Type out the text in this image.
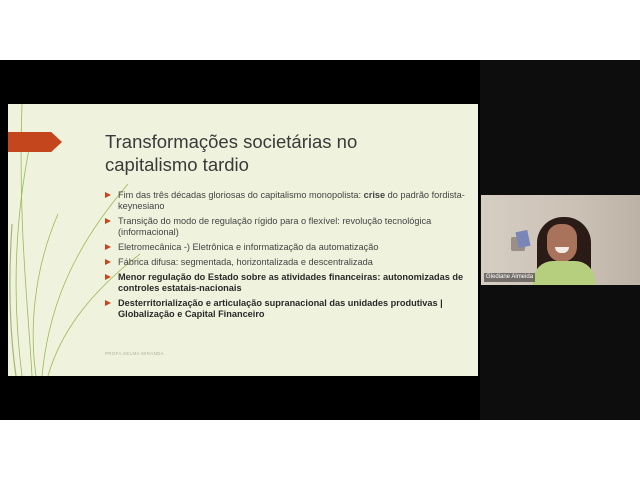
Transformações societárias no capitalismo tardio
Fim das três décadas gloriosas do capitalismo monopolista: crise do padrão fordista-keynesiano
Transição do modo de regulação rígido para o flexível: revolução tecnológica (informacional)
Eletromecânica -) Eletrônica e informatização da automatização
Fábrica difusa: segmentada, horizontalizada e descentralizada
Menor regulação do Estado sobre as atividades financeiras: autonomizadas de controles estatais-nacionais
Desterritorialização e articulação supranacional das unidades produtivas | Globalização e Capital Financeiro
PROFA SELMA MIRANDA
Glediane Almeida
